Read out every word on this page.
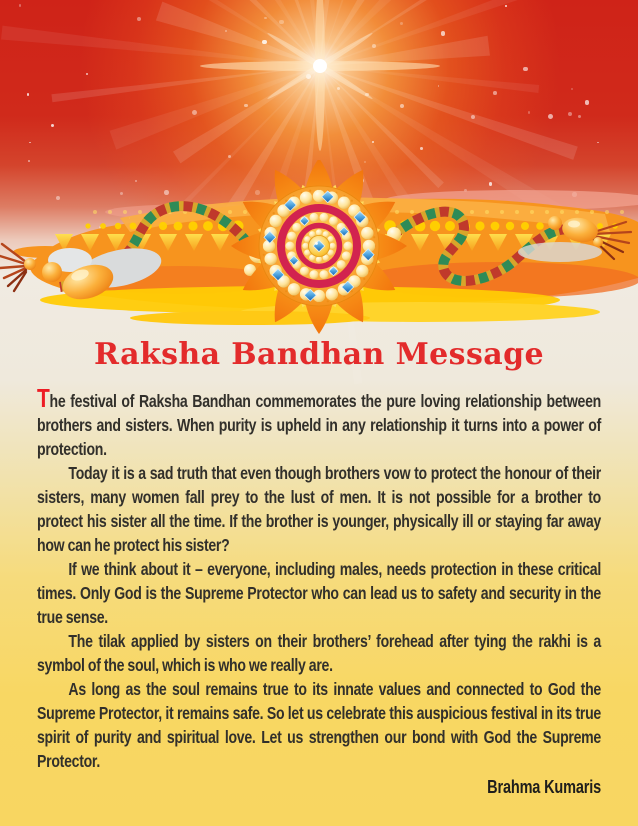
Raksha Bandhan Message

The festival of Raksha Bandhan commemorates the pure loving relationship between brothers and sisters. When purity is upheld in any relationship it turns into a power of protection.

Today it is a sad truth that even though brothers vow to protect the honour of their sisters, many women fall prey to the lust of men. It is not possible for a brother to protect his sister all the time. If the brother is younger, physically ill or staying far away how can he protect his sister?

If we think about it – everyone, including males, needs protection in these critical times. Only God is the Supreme Protector who can lead us to safety and security in the true sense.

The tilak applied by sisters on their brothers’ forehead after tying the rakhi is a symbol of the soul, which is who we really are.

As long as the soul remains true to its innate values and connected to God the Supreme Protector, it remains safe. So let us celebrate this auspicious festival in its true spirit of purity and spiritual love. Let us strengthen our bond with God the Supreme Protector.

Brahma Kumaris
